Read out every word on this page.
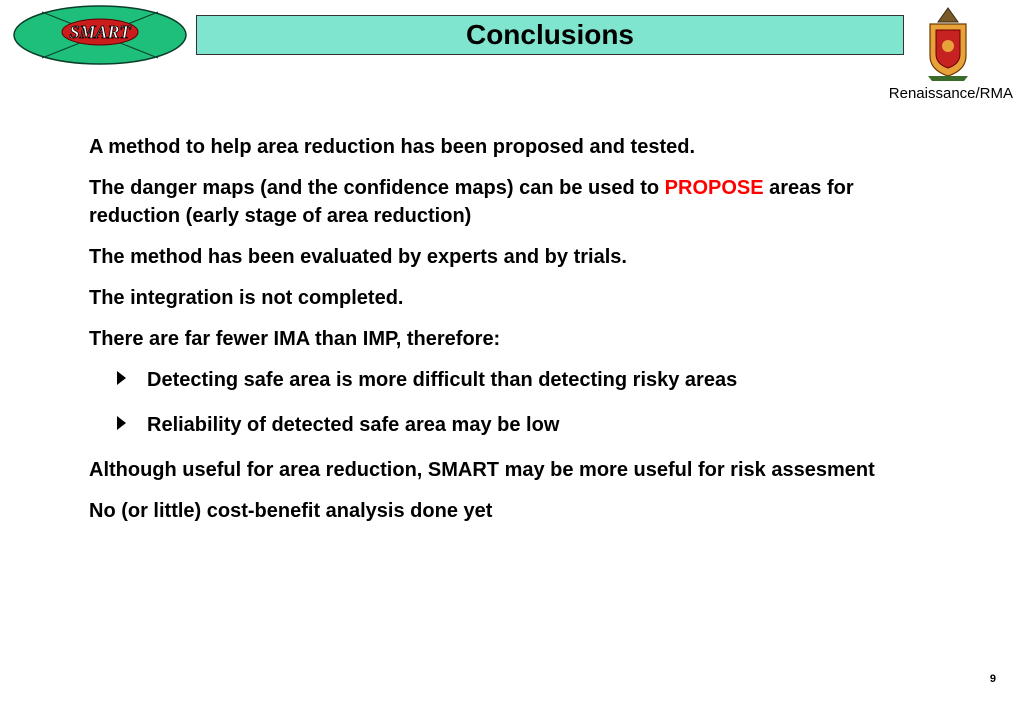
SMART	Conclusions
Renaissance/RMA

A method to help area reduction has been proposed and tested.

The danger maps (and the confidence maps) can be used to PROPOSE areas for reduction (early stage of area reduction)

The method has been evaluated by experts and by trials.

The integration is not completed.

There are far fewer IMA than IMP, therefore:

Detecting safe area is more difficult than detecting risky areas
Reliability of detected safe area may be low

Although useful for area reduction, SMART may be more useful for risk assesment

No (or little) cost-benefit analysis done yet

9
